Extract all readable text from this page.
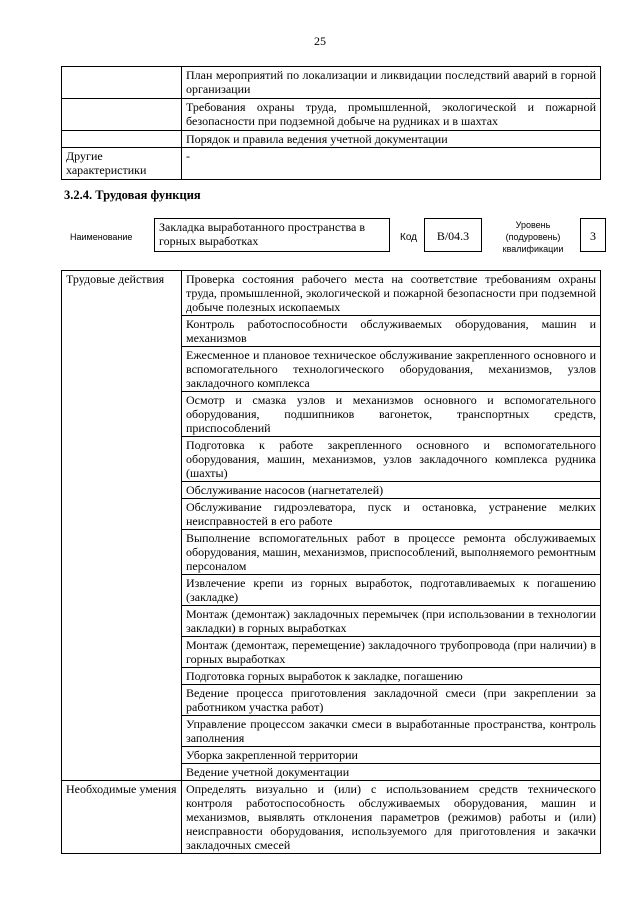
25
	План мероприятий по локализации и ликвидации последствий аварий в горной организации
	Требования охраны труда, промышленной, экологической и пожарной безопасности при подземной добыче на рудниках и в шахтах
	Порядок и правила ведения учетной документации
Другие характеристики	-
3.2.4. Трудовая функция
Наименование
Закладка выработанного пространства в горных выработках	Код	B/04.3
Уровень (подуровень) квалификации
3
Трудовые действия	Проверка состояния рабочего места на соответствие требованиям охраны труда, промышленной, экологической и пожарной безопасности при подземной добыче полезных ископаемых
	Контроль работоспособности обслуживаемых оборудования, машин и механизмов
	Ежесменное и плановое техническое обслуживание закрепленного основного и вспомогательного технологического оборудования, механизмов, узлов закладочного комплекса
	Осмотр и смазка узлов и механизмов основного и вспомогательного оборудования, подшипников вагонеток, транспортных средств, приспособлений
	Подготовка к работе закрепленного основного и вспомогательного оборудования, машин, механизмов, узлов закладочного комплекса рудника (шахты)
	Обслуживание насосов (нагнетателей)
	Обслуживание гидроэлеватора, пуск и остановка, устранение мелких неисправностей в его работе
	Выполнение вспомогательных работ в процессе ремонта обслуживаемых оборудования, машин, механизмов, приспособлений, выполняемого ремонтным персоналом
	Извлечение крепи из горных выработок, подготавливаемых к погашению (закладке)
	Монтаж (демонтаж) закладочных перемычек (при использовании в технологии закладки) в горных выработках
	Монтаж (демонтаж, перемещение) закладочного трубопровода (при наличии) в горных выработках
	Подготовка горных выработок к закладке, погашению
	Ведение процесса приготовления закладочной смеси (при закреплении за работником участка работ)
	Управление процессом закачки смеси в выработанные пространства, контроль заполнения
	Уборка закрепленной территории
	Ведение учетной документации
Необходимые умения	Определять визуально и (или) с использованием средств технического контроля работоспособность обслуживаемых оборудования, машин и механизмов, выявлять отклонения параметров (режимов) работы и (или) неисправности оборудования, используемого для приготовления и закачки закладочных смесей
